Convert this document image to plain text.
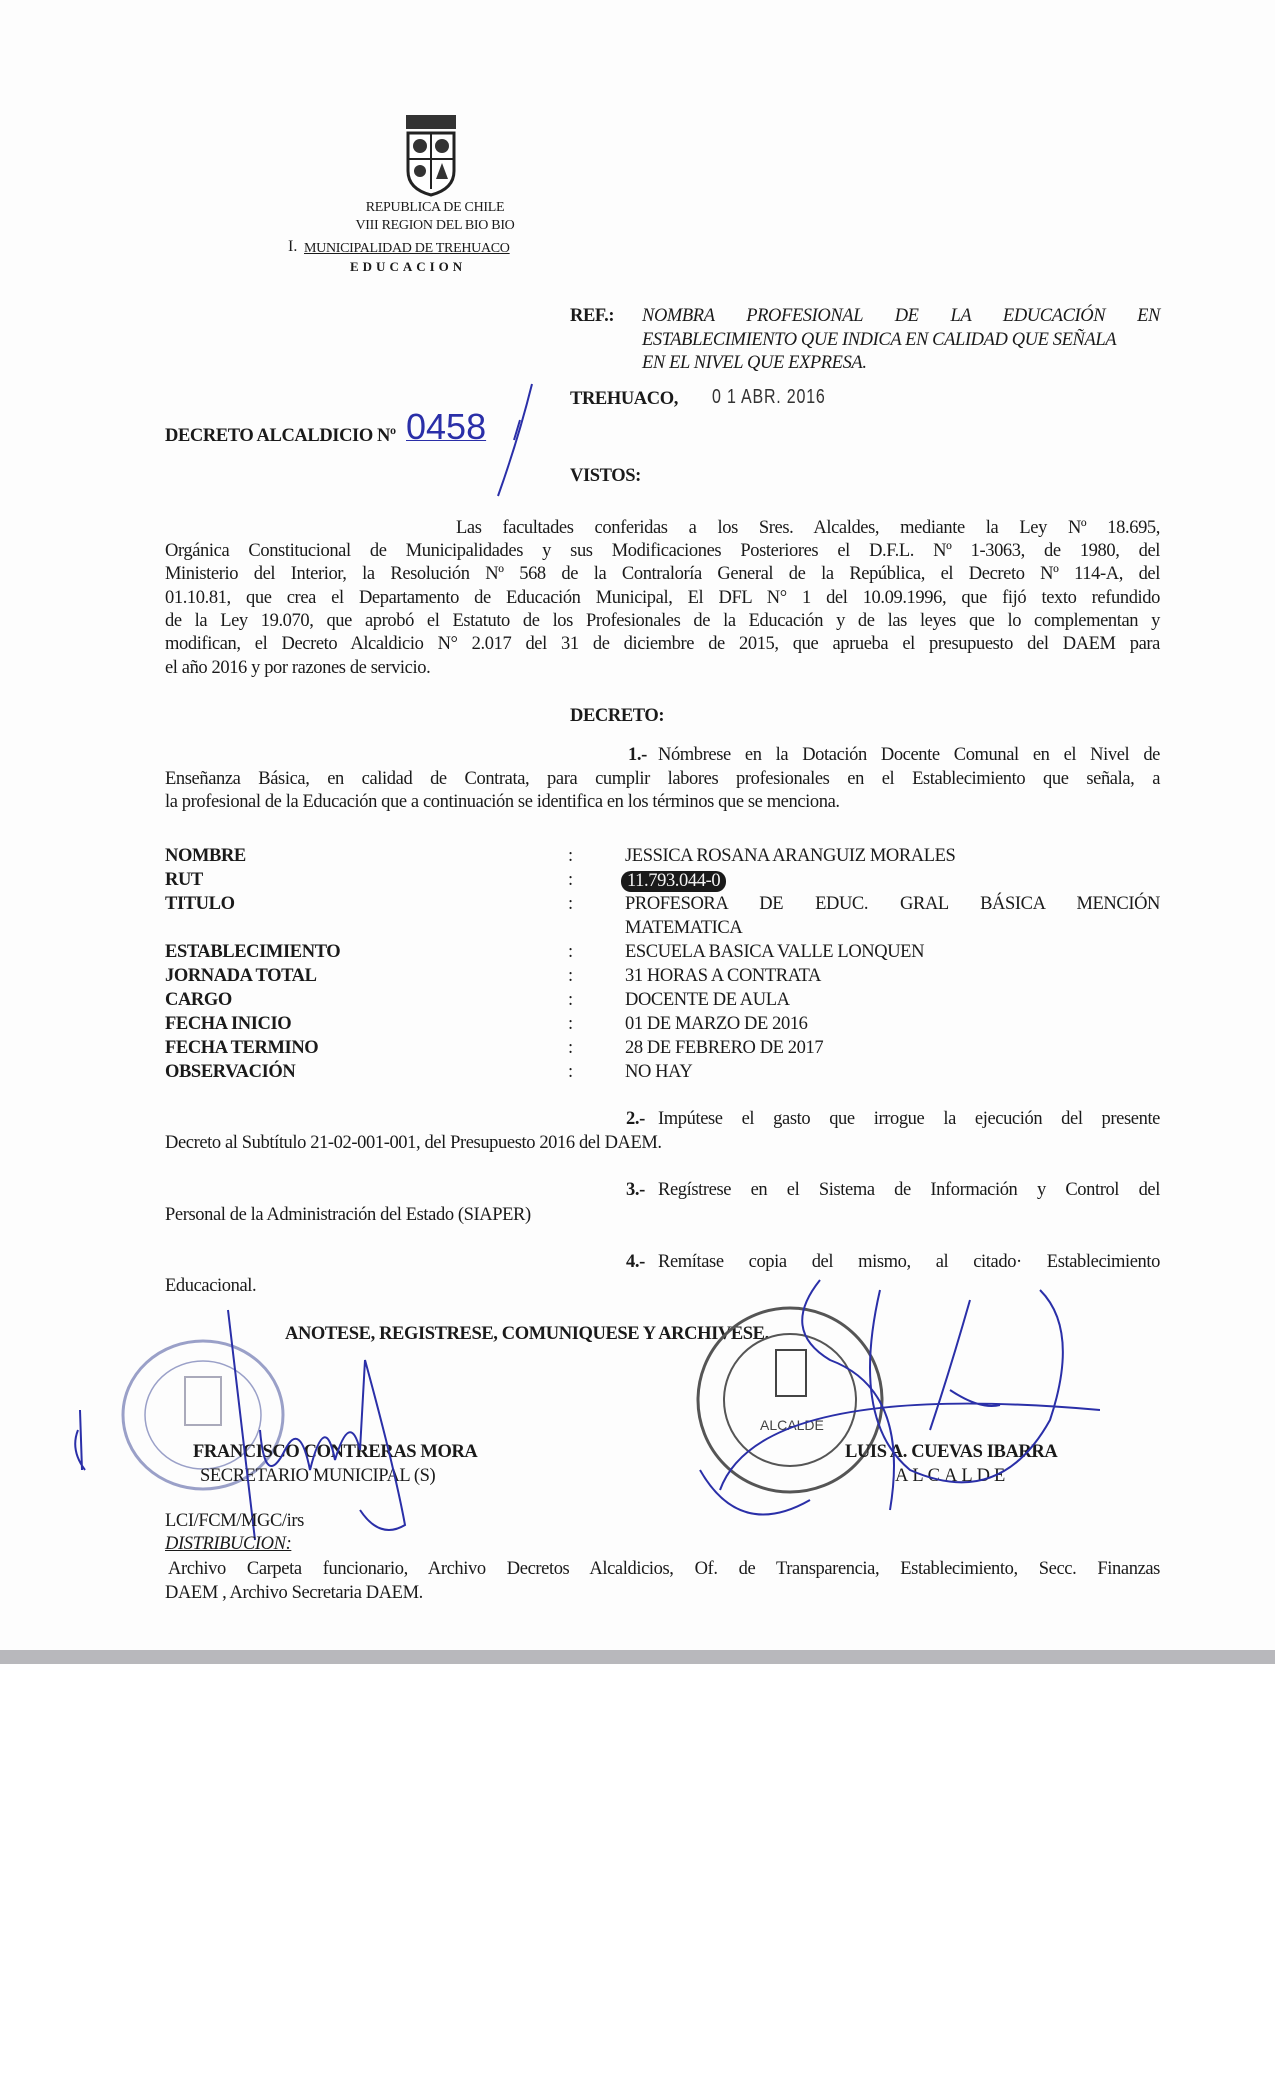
REPUBLICA DE CHILE
VIII REGION DEL BIO BIO
I. MUNICIPALIDAD DE TREHUACO
EDUCACION
REF.: NOMBRA PROFESIONAL DE LA EDUCACIÓN EN
ESTABLECIMIENTO QUE INDICA EN CALIDAD QUE SEÑALA
EN EL NIVEL QUE EXPRESA.
TREHUACO, 0 1 ABR. 2016
DECRETO ALCALDICIO Nº 0458
VISTOS:
Las facultades conferidas a los Sres. Alcaldes, mediante la Ley Nº 18.695,
Orgánica Constitucional de Municipalidades y sus Modificaciones Posteriores el D.F.L. Nº 1-3063, de 1980, del
Ministerio del Interior, la Resolución Nº 568 de la Contraloría General de la República, el Decreto Nº 114-A, del
01.10.81, que crea el Departamento de Educación Municipal, El DFL N° 1 del 10.09.1996, que fijó texto refundido
de la Ley 19.070, que aprobó el Estatuto de los Profesionales de la Educación y de las leyes que lo complementan y
modifican, el Decreto Alcaldicio N° 2.017 del 31 de diciembre de 2015, que aprueba el presupuesto del DAEM para
el año 2016 y por razones de servicio.
DECRETO:
1.- Nómbrese en la Dotación Docente Comunal en el Nivel de
Enseñanza Básica, en calidad de Contrata, para cumplir labores profesionales en el Establecimiento que señala, a
la profesional de la Educación que a continuación se identifica en los términos que se menciona.
NOMBRE	:	JESSICA ROSANA ARANGUIZ MORALES
RUT	:	11.793.044-0
TITULO	:	PROFESORA DE EDUC. GRAL BÁSICA MENCIÓN
MATEMATICA
ESTABLECIMIENTO	:	ESCUELA BASICA VALLE LONQUEN
JORNADA TOTAL	:	31 HORAS A CONTRATA
CARGO	:	DOCENTE DE AULA
FECHA INICIO	:	01 DE MARZO DE 2016
FECHA TERMINO	:	28 DE FEBRERO DE 2017
OBSERVACIÓN	:	NO HAY
2.- Impútese el gasto que irrogue la ejecución del presente
Decreto al Subtítulo 21-02-001-001, del Presupuesto 2016 del DAEM.
3.- Regístrese en el Sistema de Información y Control del
Personal de la Administración del Estado (SIAPER)
4.- Remítase copia del mismo, al citado· Establecimiento
Educacional.
ANOTESE, REGISTRESE, COMUNIQUESE Y ARCHIVESE.
FRANCISCO CONTRERAS MORA
SECRETARIO MUNICIPAL (S)
ALCALDE
LUIS A. CUEVAS IBARRA
ALCALDE
LCI/FCM/MGC/irs
DISTRIBUCION:
Archivo Carpeta funcionario, Archivo Decretos Alcaldicios, Of. de Transparencia, Establecimiento, Secc. Finanzas
DAEM , Archivo Secretaria DAEM.
